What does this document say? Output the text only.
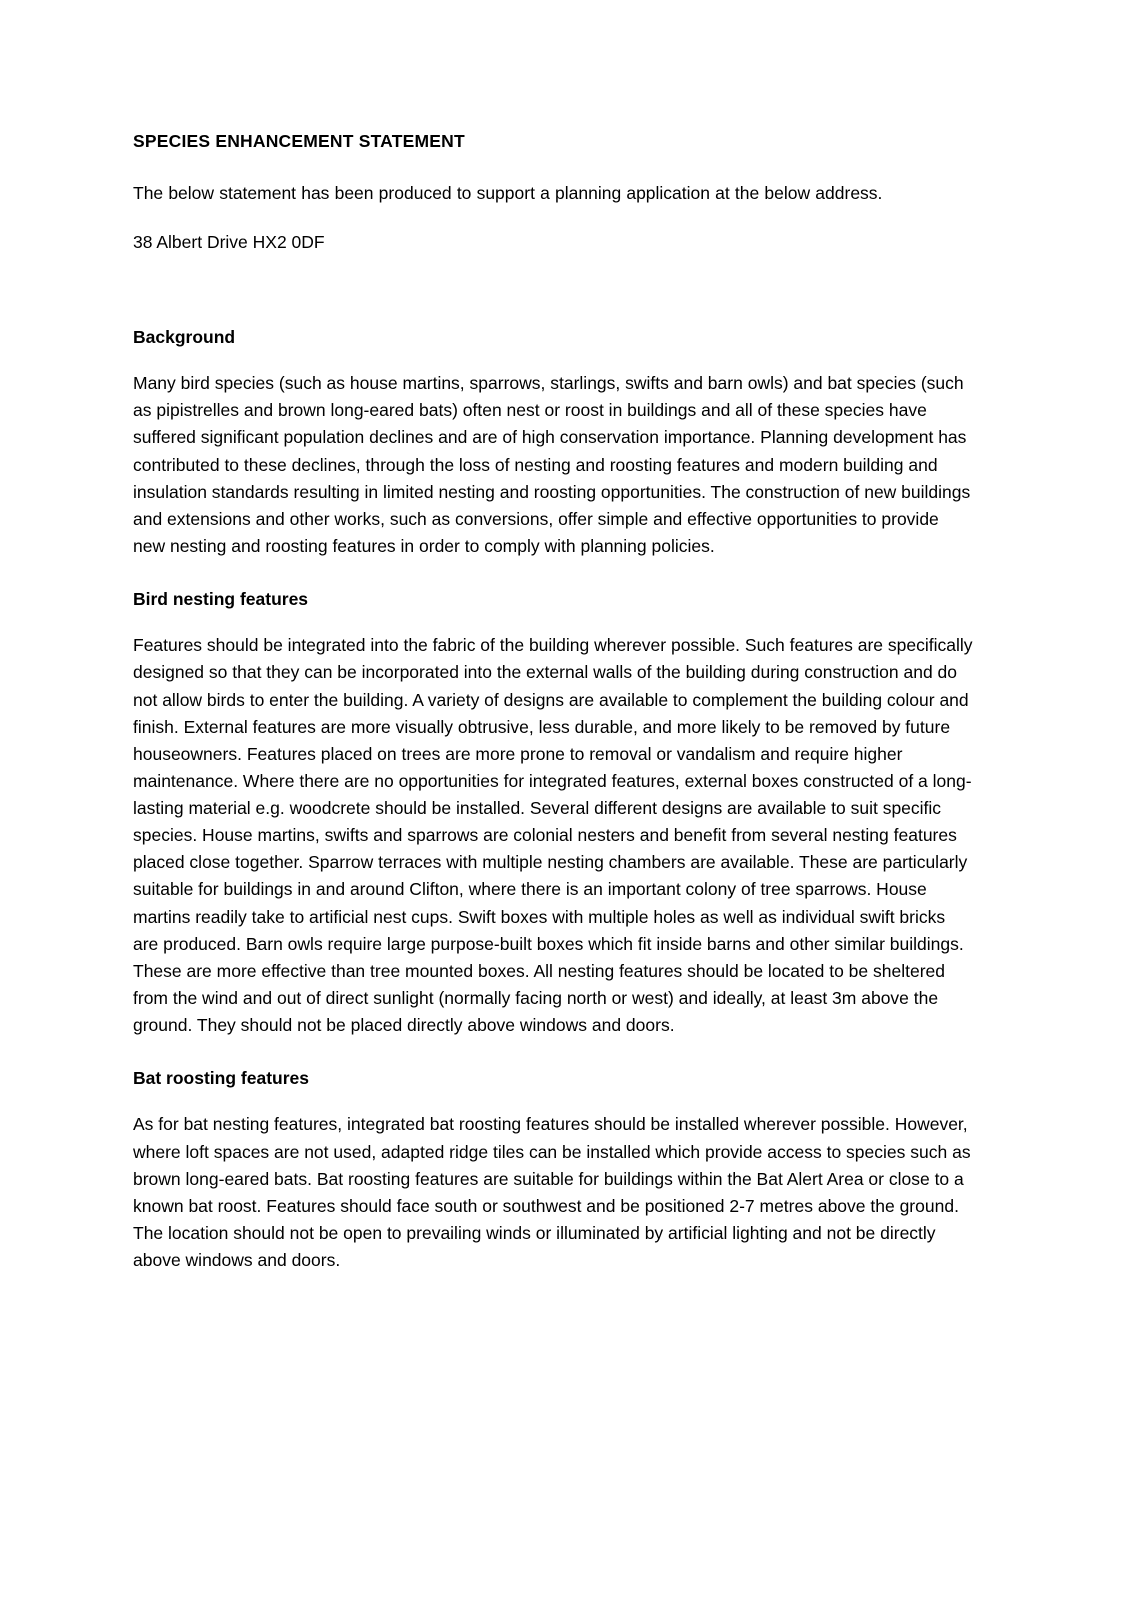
SPECIES ENHANCEMENT STATEMENT

The below statement has been produced to support a planning application at the below address.

38 Albert Drive HX2 0DF

Background

Many bird species (such as house martins, sparrows, starlings, swifts and barn owls) and bat species (such as pipistrelles and brown long-eared bats) often nest or roost in buildings and all of these species have suffered significant population declines and are of high conservation importance. Planning development has contributed to these declines, through the loss of nesting and roosting features and modern building and insulation standards resulting in limited nesting and roosting opportunities. The construction of new buildings and extensions and other works, such as conversions, offer simple and effective opportunities to provide new nesting and roosting features in order to comply with planning policies.

Bird nesting features

Features should be integrated into the fabric of the building wherever possible. Such features are specifically designed so that they can be incorporated into the external walls of the building during construction and do not allow birds to enter the building. A variety of designs are available to complement the building colour and finish. External features are more visually obtrusive, less durable, and more likely to be removed by future houseowners. Features placed on trees are more prone to removal or vandalism and require higher maintenance. Where there are no opportunities for integrated features, external boxes constructed of a long-lasting material e.g. woodcrete should be installed. Several different designs are available to suit specific species. House martins, swifts and sparrows are colonial nesters and benefit from several nesting features placed close together. Sparrow terraces with multiple nesting chambers are available. These are particularly suitable for buildings in and around Clifton, where there is an important colony of tree sparrows. House martins readily take to artificial nest cups. Swift boxes with multiple holes as well as individual swift bricks are produced. Barn owls require large purpose-built boxes which fit inside barns and other similar buildings. These are more effective than tree mounted boxes. All nesting features should be located to be sheltered from the wind and out of direct sunlight (normally facing north or west) and ideally, at least 3m above the ground. They should not be placed directly above windows and doors.

Bat roosting features

As for bat nesting features, integrated bat roosting features should be installed wherever possible. However, where loft spaces are not used, adapted ridge tiles can be installed which provide access to species such as brown long-eared bats. Bat roosting features are suitable for buildings within the Bat Alert Area or close to a known bat roost. Features should face south or southwest and be positioned 2-7 metres above the ground. The location should not be open to prevailing winds or illuminated by artificial lighting and not be directly above windows and doors.
